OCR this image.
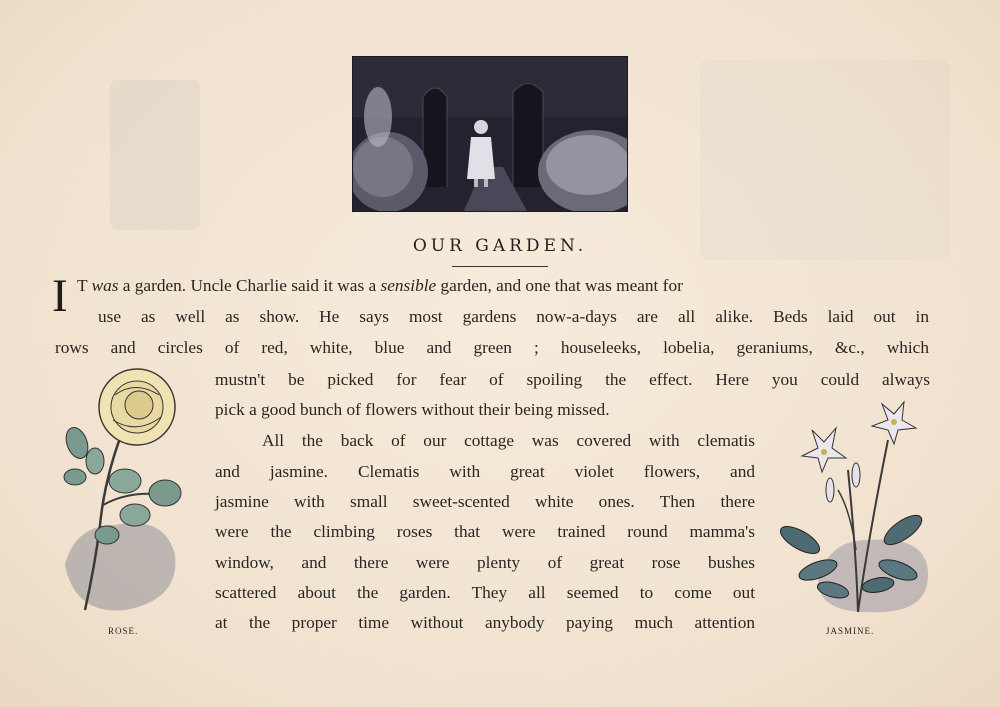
OUR GARDEN.
I T was a garden. Uncle Charlie said it was a sensible garden, and one that was meant for
use as well as show. He says most gardens now-a-days are all alike. Beds laid out in
rows and circles of red, white, blue and green ; houseleeks, lobelia, geraniums, &c., which
mustn't be picked for fear of spoiling the effect. Here you could always
pick a good bunch of flowers without their being missed.
All the back of our cottage was covered with clematis
and jasmine. Clematis with great violet flowers, and
jasmine with small sweet-scented white ones. Then there
were the climbing roses that were trained round mamma's
window, and there were plenty of great rose bushes
scattered about the garden. They all seemed to come out
at the proper time without anybody paying much attention
ROSE.	JASMINE.
